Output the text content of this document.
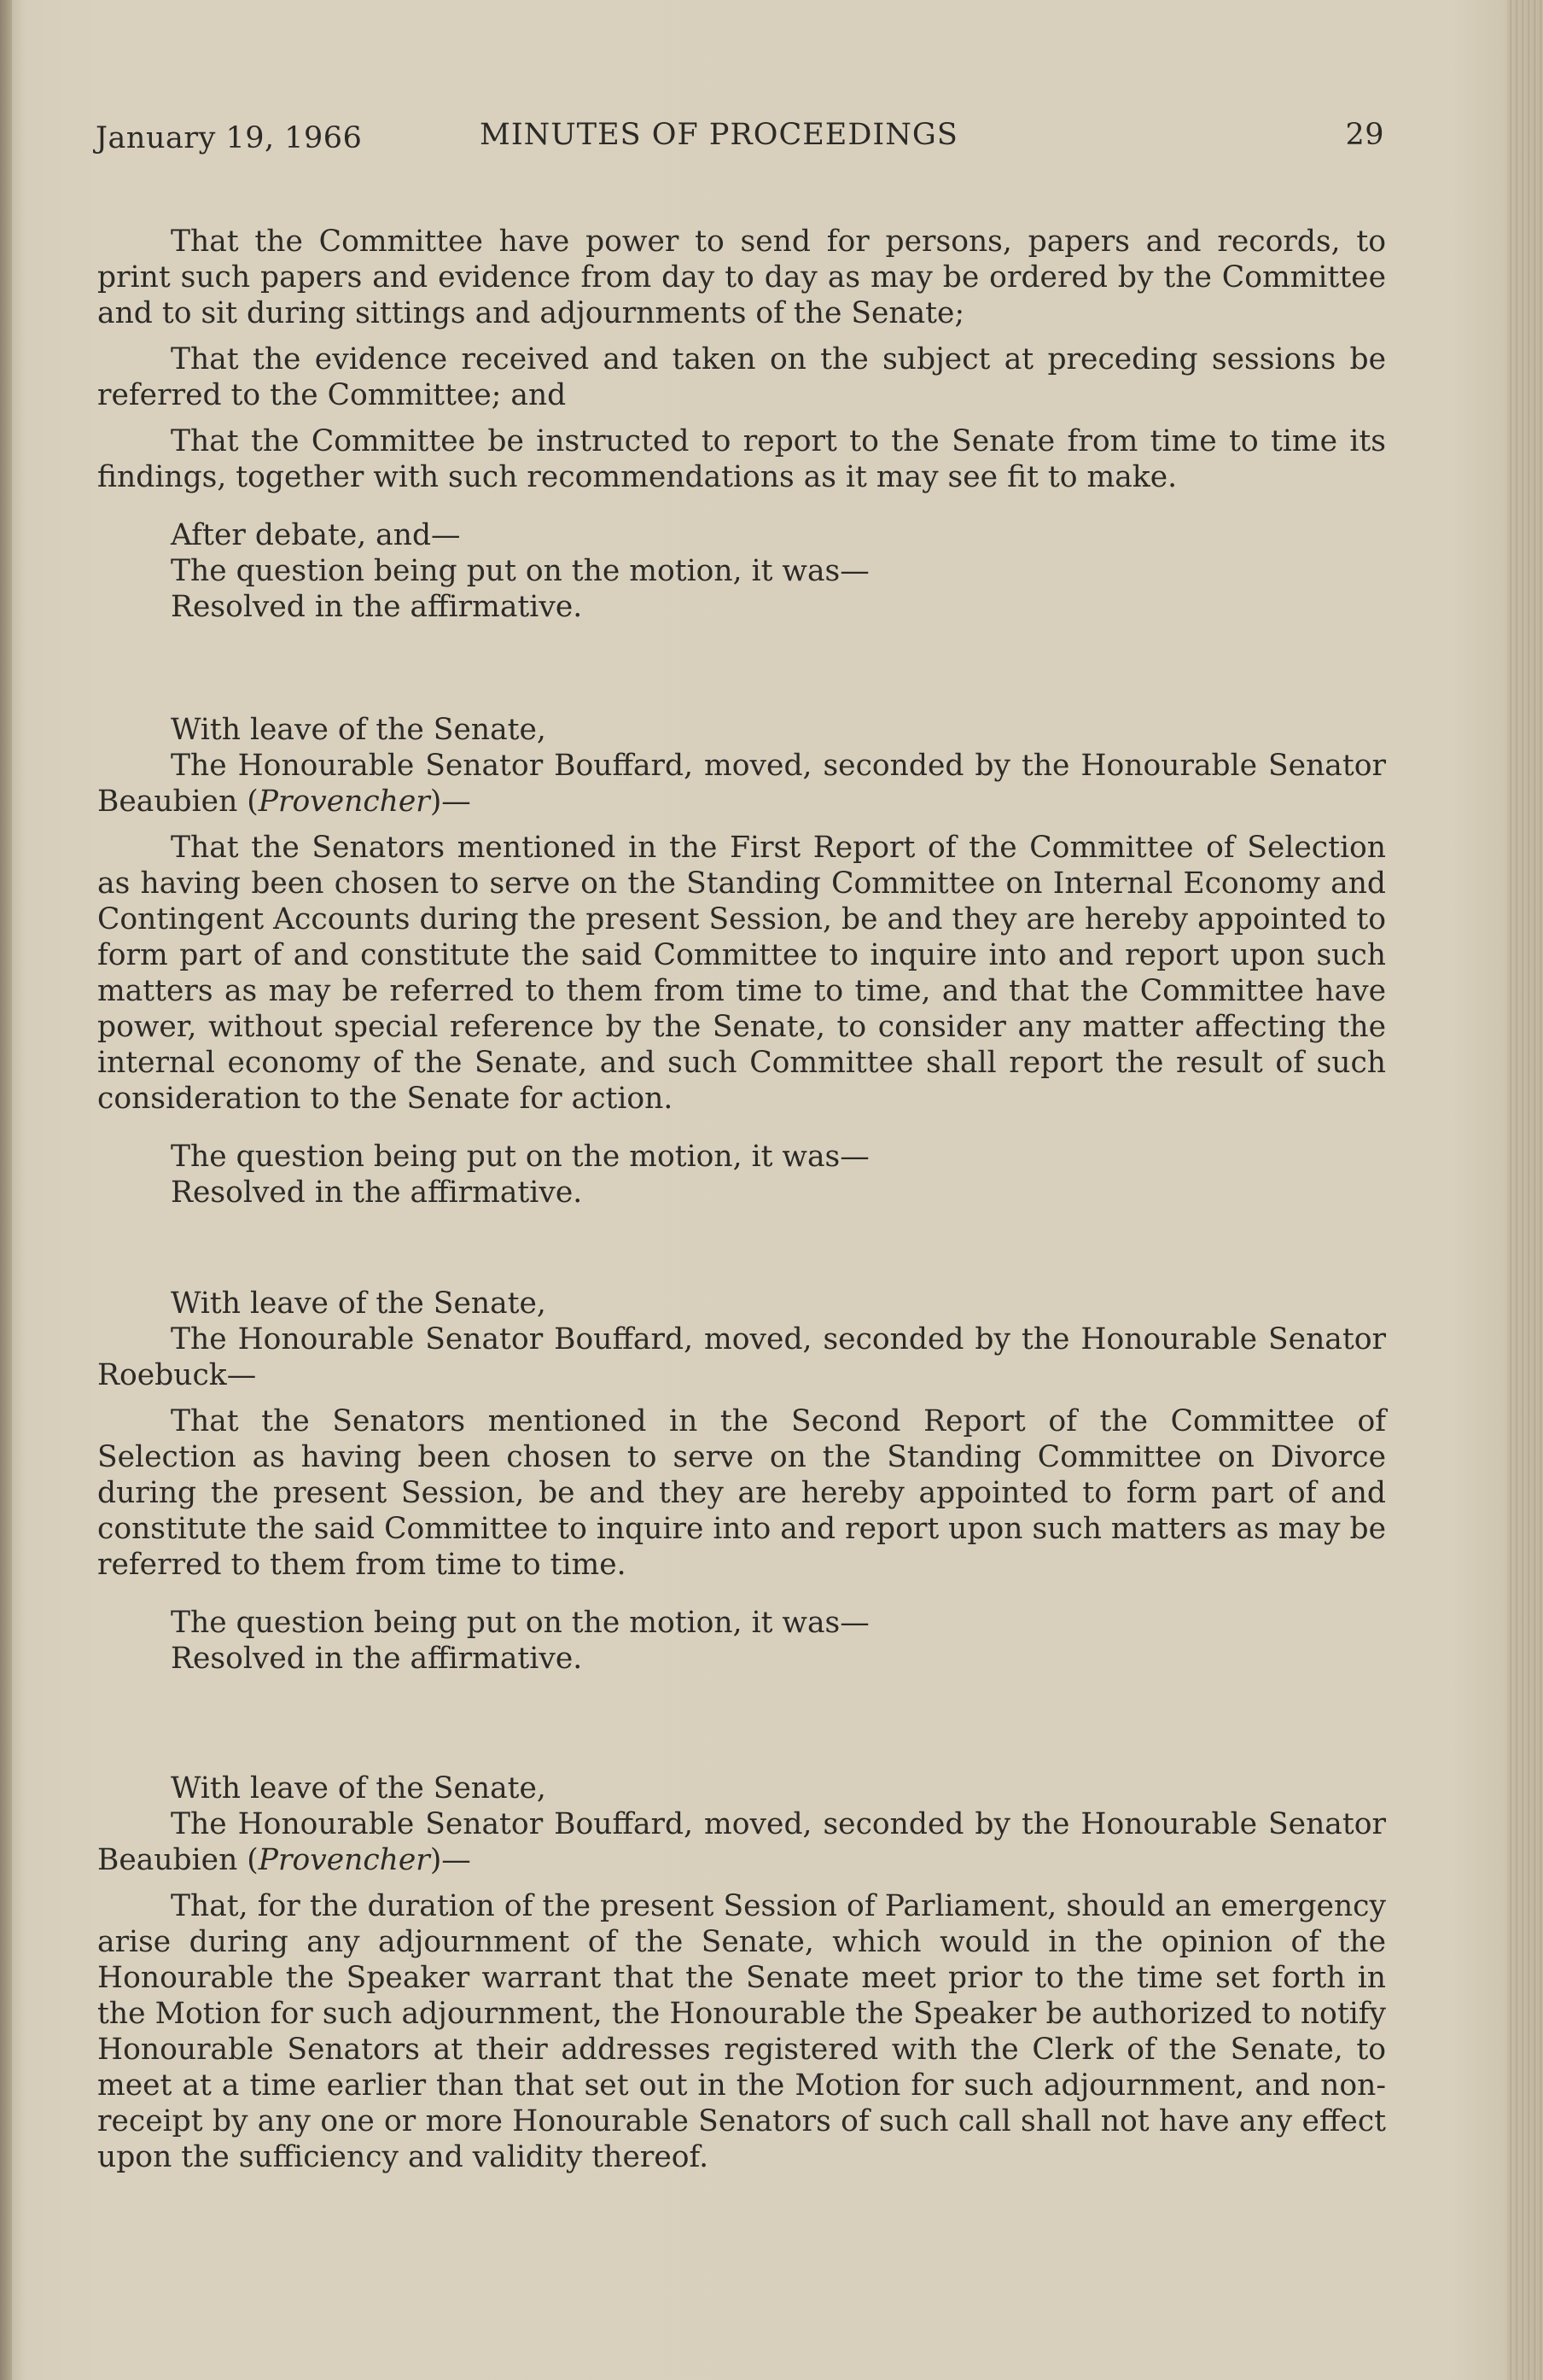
January 19, 1966	MINUTES OF PROCEEDINGS	29

That the Committee have power to send for persons, papers and records, to print such papers and evidence from day to day as may be ordered by the Committee and to sit during sittings and adjournments of the Senate;

That the evidence received and taken on the subject at preceding sessions be referred to the Committee; and

That the Committee be instructed to report to the Senate from time to time its findings, together with such recommendations as it may see fit to make.

After debate, and—

The question being put on the motion, it was—

Resolved in the affirmative.

With leave of the Senate,

The Honourable Senator Bouffard, moved, seconded by the Honourable Senator Beaubien (Provencher)—

That the Senators mentioned in the First Report of the Committee of Selection as having been chosen to serve on the Standing Committee on Internal Economy and Contingent Accounts during the present Session, be and they are hereby appointed to form part of and constitute the said Committee to inquire into and report upon such matters as may be referred to them from time to time, and that the Committee have power, without special reference by the Senate, to consider any matter affecting the internal economy of the Senate, and such Committee shall report the result of such consideration to the Senate for action.

The question being put on the motion, it was—

Resolved in the affirmative.

With leave of the Senate,

The Honourable Senator Bouffard, moved, seconded by the Honourable Senator Roebuck—

That the Senators mentioned in the Second Report of the Committee of Selection as having been chosen to serve on the Standing Committee on Divorce during the present Session, be and they are hereby appointed to form part of and constitute the said Committee to inquire into and report upon such matters as may be referred to them from time to time.

The question being put on the motion, it was—

Resolved in the affirmative.

With leave of the Senate,

The Honourable Senator Bouffard, moved, seconded by the Honourable Senator Beaubien (Provencher)—

That, for the duration of the present Session of Parliament, should an emergency arise during any adjournment of the Senate, which would in the opinion of the Honourable the Speaker warrant that the Senate meet prior to the time set forth in the Motion for such adjournment, the Honourable the Speaker be authorized to notify Honourable Senators at their addresses registered with the Clerk of the Senate, to meet at a time earlier than that set out in the Motion for such adjournment, and non-receipt by any one or more Honourable Senators of such call shall not have any effect upon the sufficiency and validity thereof.
